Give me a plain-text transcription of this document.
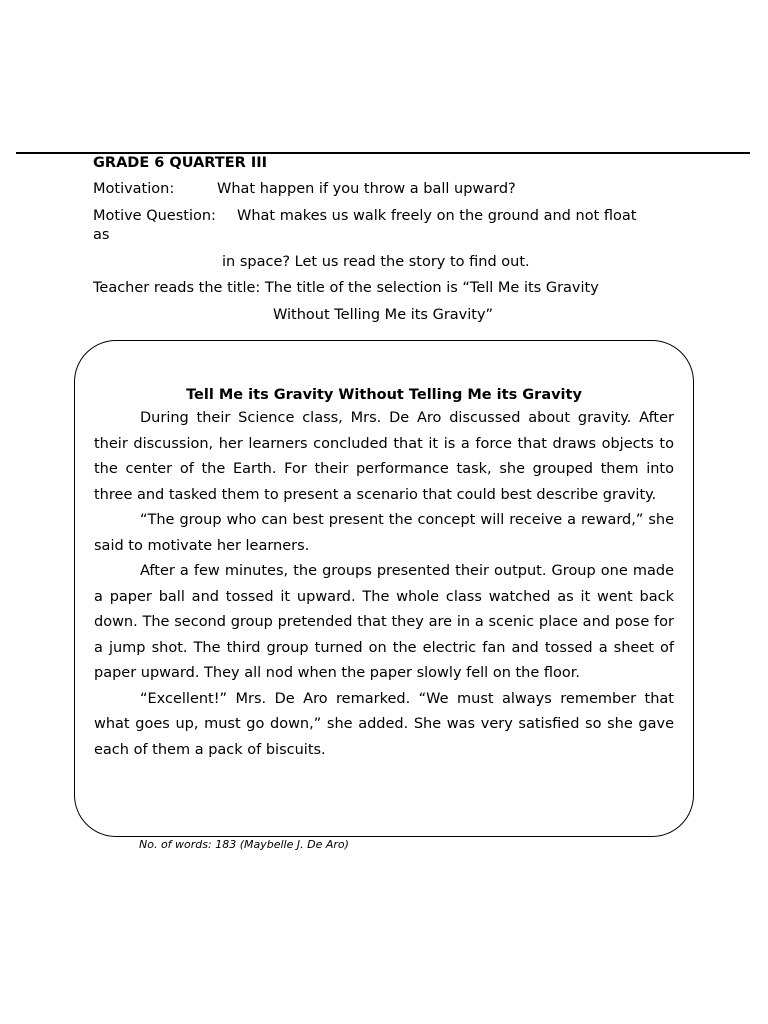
GRADE 6 QUARTER III
Motivation:	What happen if you throw a ball upward?
Motive Question: What makes us walk freely on the ground and not float
as
in space? Let us read the story to find out.
Teacher reads the title: The title of the selection is “Tell Me its Gravity
Without Telling Me its Gravity”
Tell Me its Gravity Without Telling Me its Gravity

During their Science class, Mrs. De Aro discussed about gravity. After their discussion, her learners concluded that it is a force that draws objects to the center of the Earth. For their performance task, she grouped them into three and tasked them to present a scenario that could best describe gravity.

“The group who can best present the concept will receive a reward,” she said to motivate her learners.

After a few minutes, the groups presented their output. Group one made a paper ball and tossed it upward. The whole class watched as it went back down. The second group pretended that they are in a scenic place and pose for a jump shot. The third group turned on the electric fan and tossed a sheet of paper upward. They all nod when the paper slowly fell on the floor.

“Excellent!” Mrs. De Aro remarked. “We must always remember that what goes up, must go down,” she added. She was very satisfied so she gave each of them a pack of biscuits.

No. of words: 183 (Maybelle J. De Aro)
